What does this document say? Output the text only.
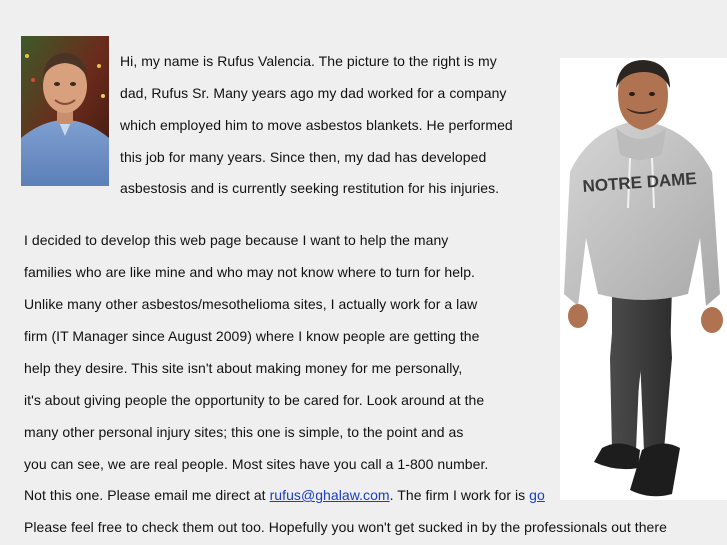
Hi, my name is Rufus Valencia. The picture to the right is my
dad, Rufus Sr. Many years ago my dad worked for a company
which employed him to move asbestos blankets. He performed
this job for many years. Since then, my dad has developed
asbestosis and is currently seeking restitution for his injuries.
I decided to develop this web page because I want to help the many
families who are like mine and who may not know where to turn for help.
Unlike many other asbestos/mesothelioma sites, I actually work for a law
firm (IT Manager since August 2009) where I know people are getting the
help they desire. This site isn't about making money for me personally,
it's about giving people the opportunity to be cared for. Look around at the
many other personal injury sites; this one is simple, to the point and as
you can see, we are real people. Most sites have you call a 1-800 number.
Not this one. Please email me direct at rufus@ghalaw.com. The firm I work for is go
Please feel free to check them out too. Hopefully you won't get sucked in by the professionals out there
NOTRE DAME
